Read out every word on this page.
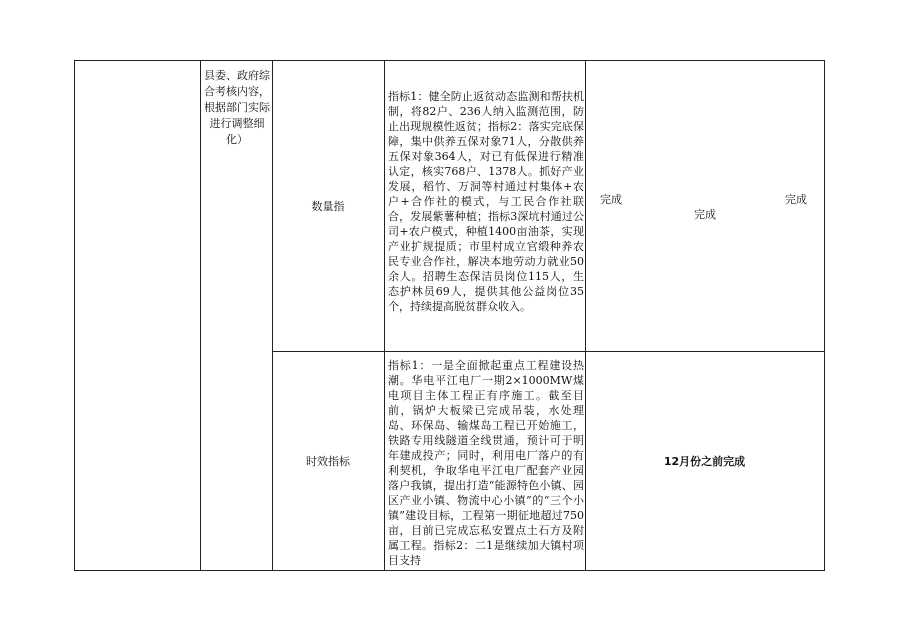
县委、政府综合考核内容，根据部门实际进行调整细化）
数量指
指标1：健全防止返贫动态监测和帮扶机制，将82户、236人纳入监测范围，防止出现规模性返贫；指标2：落实完底保障，集中供养五保对象71人，分散供养五保对象364人，对已有低保进行精准认定，核实768户、1378人。抓好产业发展，稻竹、万洞等村通过村集体+农户+合作社的模式，与工民合作社联合，发展紫薯种植；指标3深坑村通过公司+农户模式，种植1400亩油茶，实现产业扩规提质；市里村成立官缎种养农民专业合作社，解决本地劳动力就业50余人。招聘生态保洁员岗位115人，生态护林员69人，提供其他公益岗位35个，持续提高脱贫群众收入。
完成
完成
完成
时效指标
指标1：一是全面掀起重点工程建设热潮。华电平江电厂一期2×1000MW煤电项目主体工程正有序施工。截至目前，锅炉大板梁已完成吊装，水处理岛、环保岛、输煤岛工程已开始施工，铁路专用线隧道全线贯通，预计可于明年建成投产；同时，利用电厂落户的有利契机，争取华电平江电厂配套产业园落户我镇，提出打造“能源特色小镇、园区产业小镇、物流中心小镇”的“三个小镇”建设目标，工程第一期征地超过750亩，目前已完成忘私安置点土石方及附属工程。指标2：二1是继续加大镇村项目支持
12月份之前完成
